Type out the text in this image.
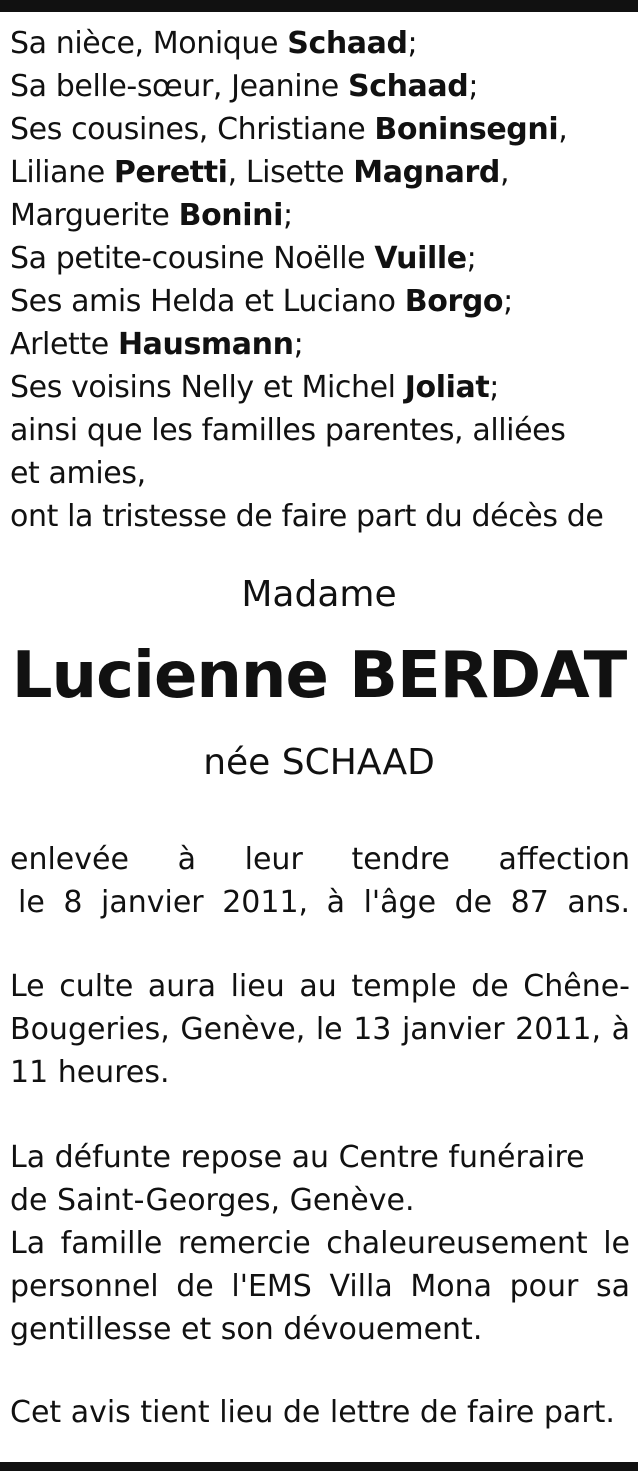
Sa nièce, Monique Schaad;
Sa belle-sœur, Jeanine Schaad;
Ses cousines, Christiane Boninsegni,
Liliane Peretti, Lisette Magnard,
Marguerite Bonini;
Sa petite-cousine Noëlle Vuille;
Ses amis Helda et Luciano Borgo;
Arlette Hausmann;
Ses voisins Nelly et Michel Joliat;
ainsi que les familles parentes, alliées
et amies,
ont la tristesse de faire part du décès de
Madame
Lucienne BERDAT
née SCHAAD
enlevée à leur tendre affection
le 8 janvier 2011, à l'âge de 87 ans.

Le culte aura lieu au temple de Chêne-Bougeries, Genève, le 13 janvier 2011, à 11 heures.

La défunte repose au Centre funéraire de Saint-Georges, Genève.
La famille remercie chaleureusement le personnel de l'EMS Villa Mona pour sa gentillesse et son dévouement.

Cet avis tient lieu de lettre de faire part.
